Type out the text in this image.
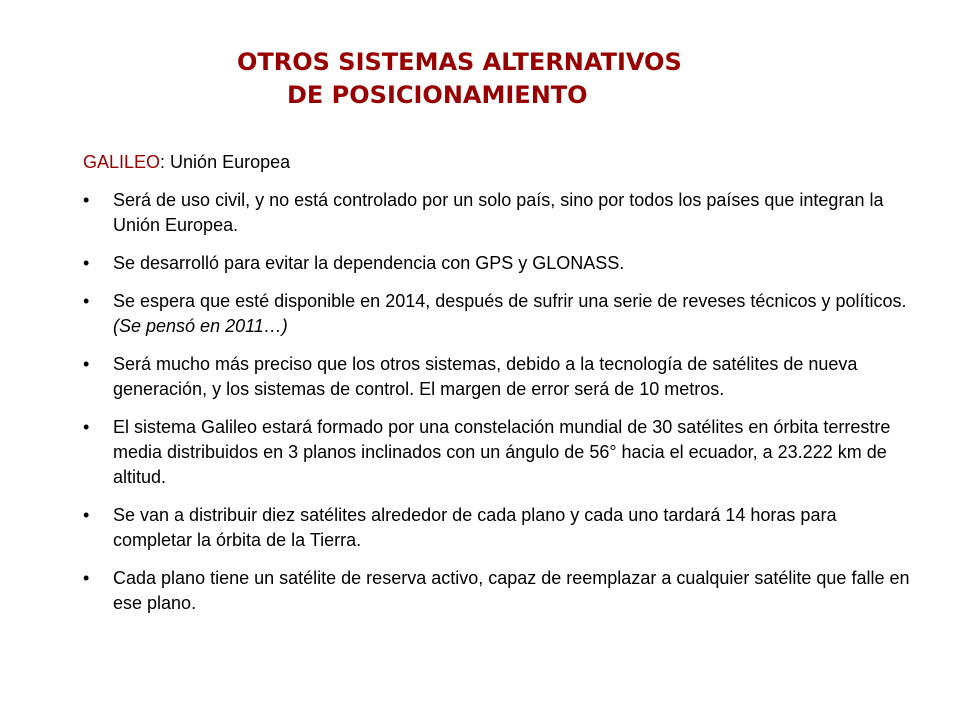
OTROS SISTEMAS ALTERNATIVOS
DE POSICIONAMIENTO

GALILEO: Unión Europea

• Será de uso civil, y no está controlado por un solo país, sino por todos los países que integran la Unión Europea.
• Se desarrolló para evitar la dependencia con GPS y GLONASS.
• Se espera que esté disponible en 2014, después de sufrir una serie de reveses técnicos y políticos. (Se pensó en 2011…)
• Será mucho más preciso que los otros sistemas, debido a la tecnología de satélites de nueva generación, y los sistemas de control. El margen de error será de 10 metros.
• El sistema Galileo estará formado por una constelación mundial de 30 satélites en órbita terrestre media distribuidos en 3 planos inclinados con un ángulo de 56° hacia el ecuador, a 23.222 km de altitud.
• Se van a distribuir diez satélites alrededor de cada plano y cada uno tardará 14 horas para completar la órbita de la Tierra.
• Cada plano tiene un satélite de reserva activo, capaz de reemplazar a cualquier satélite que falle en ese plano.
